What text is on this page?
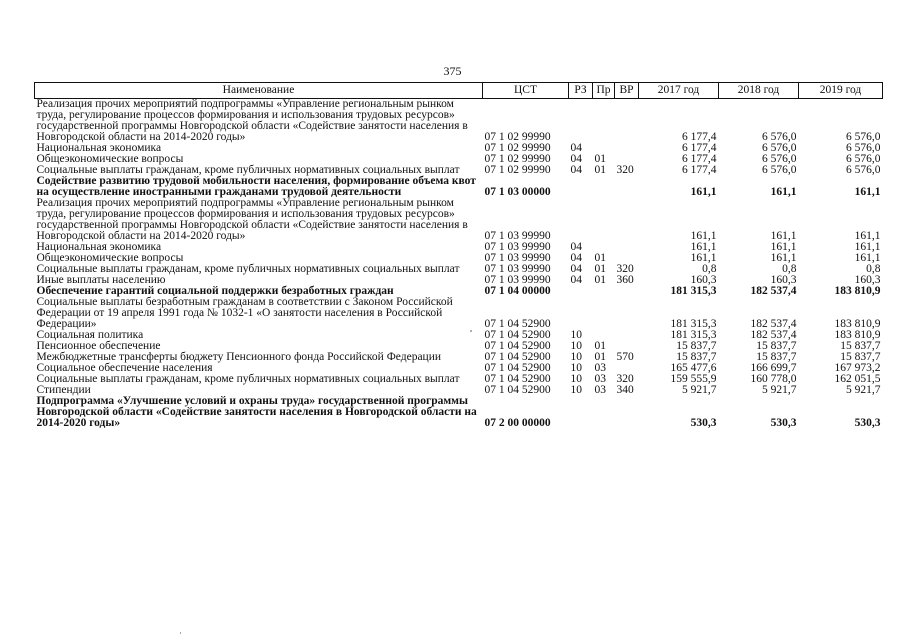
375
Наименование	ЦСТ	РЗ	Пр	ВР	2017 год	2018 год	2019 год
Реализация прочих мероприятий подпрограммы «Управление региональным рынком труда, регулирование процессов формирования и использования трудовых ресурсов» государственной программы Новгородской области «Содействие занятости населения в Новгородской области на 2014-2020 годы»	07 1 02 99990				6 177,4	6 576,0	6 576,0
Национальная экономика	07 1 02 99990	04			6 177,4	6 576,0	6 576,0
Общеэкономические вопросы	07 1 02 99990	04	01		6 177,4	6 576,0	6 576,0
Социальные выплаты гражданам, кроме публичных нормативных социальных выплат	07 1 02 99990	04	01	320	6 177,4	6 576,0	6 576,0
Содействие развитию трудовой мобильности населения, формирование объема квот на осуществление иностранными гражданами трудовой деятельности	07 1 03 00000				161,1	161,1	161,1
Реализация прочих мероприятий подпрограммы «Управление региональным рынком труда, регулирование процессов формирования и использования трудовых ресурсов» государственной программы Новгородской области «Содействие занятости населения в Новгородской области на 2014-2020 годы»	07 1 03 99990				161,1	161,1	161,1
Национальная экономика	07 1 03 99990	04			161,1	161,1	161,1
Общеэкономические вопросы	07 1 03 99990	04	01		161,1	161,1	161,1
Социальные выплаты гражданам, кроме публичных нормативных социальных выплат	07 1 03 99990	04	01	320	0,8	0,8	0,8
Иные выплаты населению	07 1 03 99990	04	01	360	160,3	160,3	160,3
Обеспечение гарантий социальной поддержки безработных граждан	07 1 04 00000				181 315,3	182 537,4	183 810,9
Социальные выплаты безработным гражданам в соответствии с Законом Российской Федерации от 19 апреля 1991 года № 1032-1 «О занятости населения в Российской Федерации»	07 1 04 52900				181 315,3	182 537,4	183 810,9
Социальная политика	07 1 04 52900	10			181 315,3	182 537,4	183 810,9
Пенсионное обеспечение	07 1 04 52900	10	01		15 837,7	15 837,7	15 837,7
Межбюджетные трансферты бюджету Пенсионного фонда Российской Федерации	07 1 04 52900	10	01	570	15 837,7	15 837,7	15 837,7
Социальное обеспечение населения	07 1 04 52900	10	03		165 477,6	166 699,7	167 973,2
Социальные выплаты гражданам, кроме публичных нормативных социальных выплат	07 1 04 52900	10	03	320	159 555,9	160 778,0	162 051,5
Стипендии	07 1 04 52900	10	03	340	5 921,7	5 921,7	5 921,7
Подпрограмма «Улучшение условий и охраны труда» государственной программы Новгородской области «Содействие занятости населения в Новгородской области на 2014-2020 годы»	07 2 00 00000				530,3	530,3	530,3
